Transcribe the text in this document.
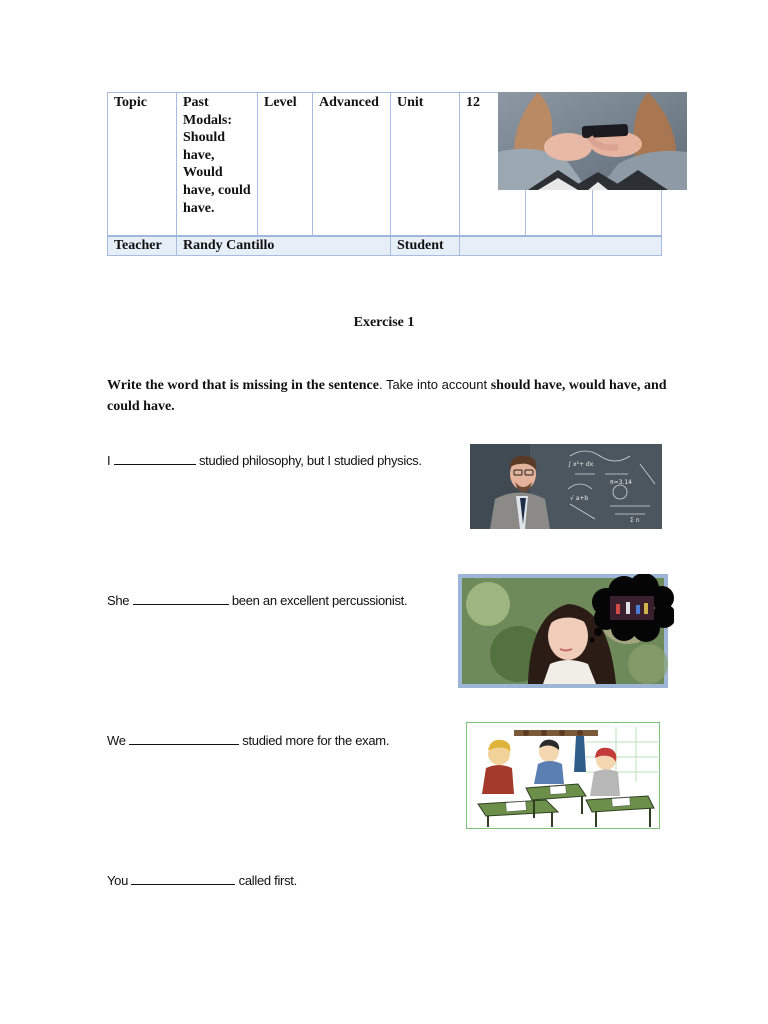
Topic	Past Modals: Should have, Would have, could have.	Level	Advanced	Unit	12		
Teacher	Randy Cantillo			Student			
Exercise 1
Write the word that is missing in the sentence. Take into account should have, would have, and could have.
I	studied philosophy, but I studied physics.	∫ x²+ dx
π=3.14
√ a+b
Σ n
She	been an excellent percussionist.
We	studied more for the exam.
You	called first.
